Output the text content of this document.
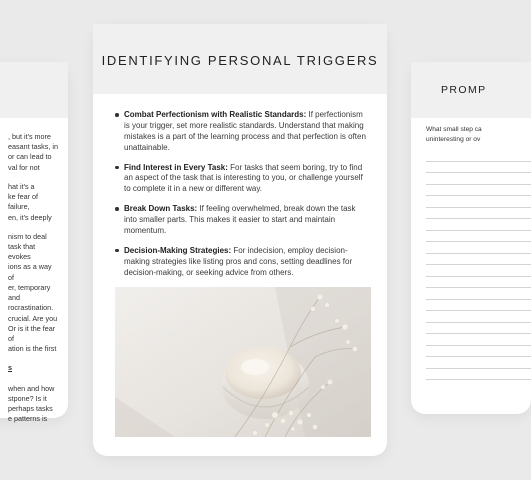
, but it's more
easant tasks, in
or can lead to
val for not
hat it's a
ke fear of failure,
en, it's deeply
nism to deal
task that evokes
ions as a way of
er, temporary and
rocrastination.
crucial. Are you
Or is it the fear of
ation is the first
s
when and how
stpone? Is it
perhaps tasks
e patterns is
IDENTIFYING PERSONAL TRIGGERS
Combat Perfectionism with Realistic Standards: If perfectionism is your trigger, set more realistic standards. Understand that making mistakes is a part of the learning process and that perfection is often unattainable.
Find Interest in Every Task: For tasks that seem boring, try to find an aspect of the task that is interesting to you, or challenge yourself to complete it in a new or different way.
Break Down Tasks: If feeling overwhelmed, break down the task into smaller parts. This makes it easier to start and maintain momentum.
Decision-Making Strategies: For indecision, employ decision-making strategies like listing pros and cons, setting deadlines for decision-making, or seeking advice from others.
PROMP
What small step ca
uninteresting or ov
